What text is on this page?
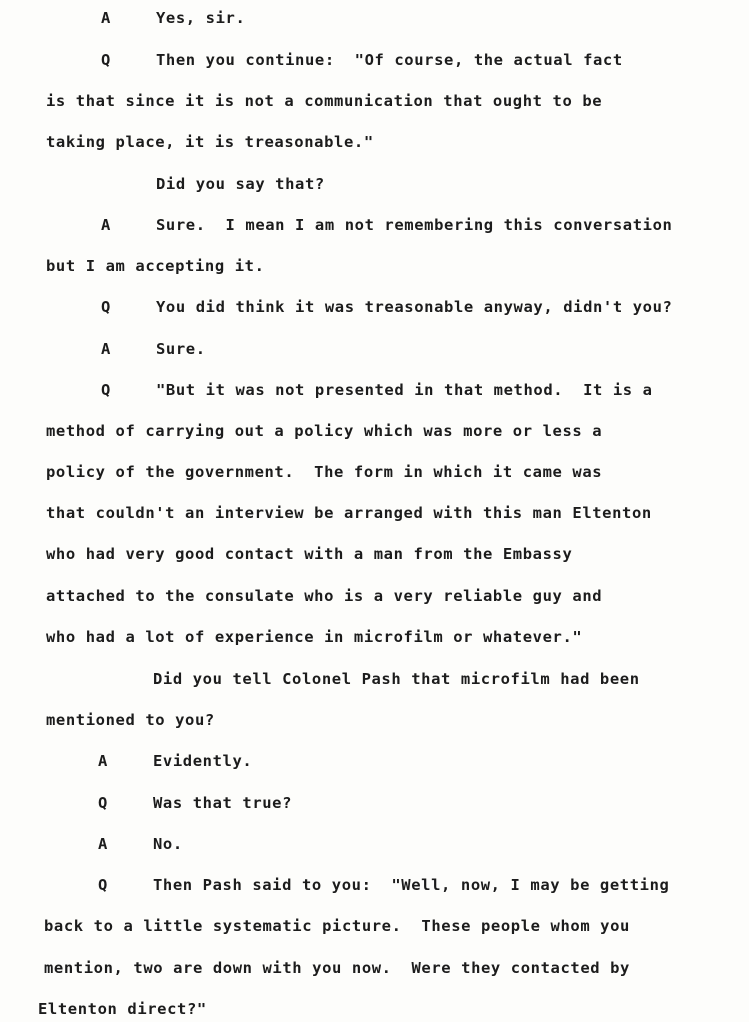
A	Yes, sir.
Q	Then you continue:  "Of course, the actual fact
is that since it is not a communication that ought to be
taking place, it is treasonable."
Did you say that?
A	Sure.  I mean I am not remembering this conversation
but I am accepting it.
Q	You did think it was treasonable anyway, didn't you?
A	Sure.
Q	"But it was not presented in that method.  It is a
method of carrying out a policy which was more or less a
policy of the government.  The form in which it came was
that couldn't an interview be arranged with this man Eltenton
who had very good contact with a man from the Embassy
attached to the consulate who is a very reliable guy and
who had a lot of experience in microfilm or whatever."
Did you tell Colonel Pash that microfilm had been
mentioned to you?
A	Evidently.
Q	Was that true?
A	No.
Q	Then Pash said to you:  "Well, now, I may be getting
back to a little systematic picture.  These people whom you
mention, two are down with you now.  Were they contacted by
Eltenton direct?"
